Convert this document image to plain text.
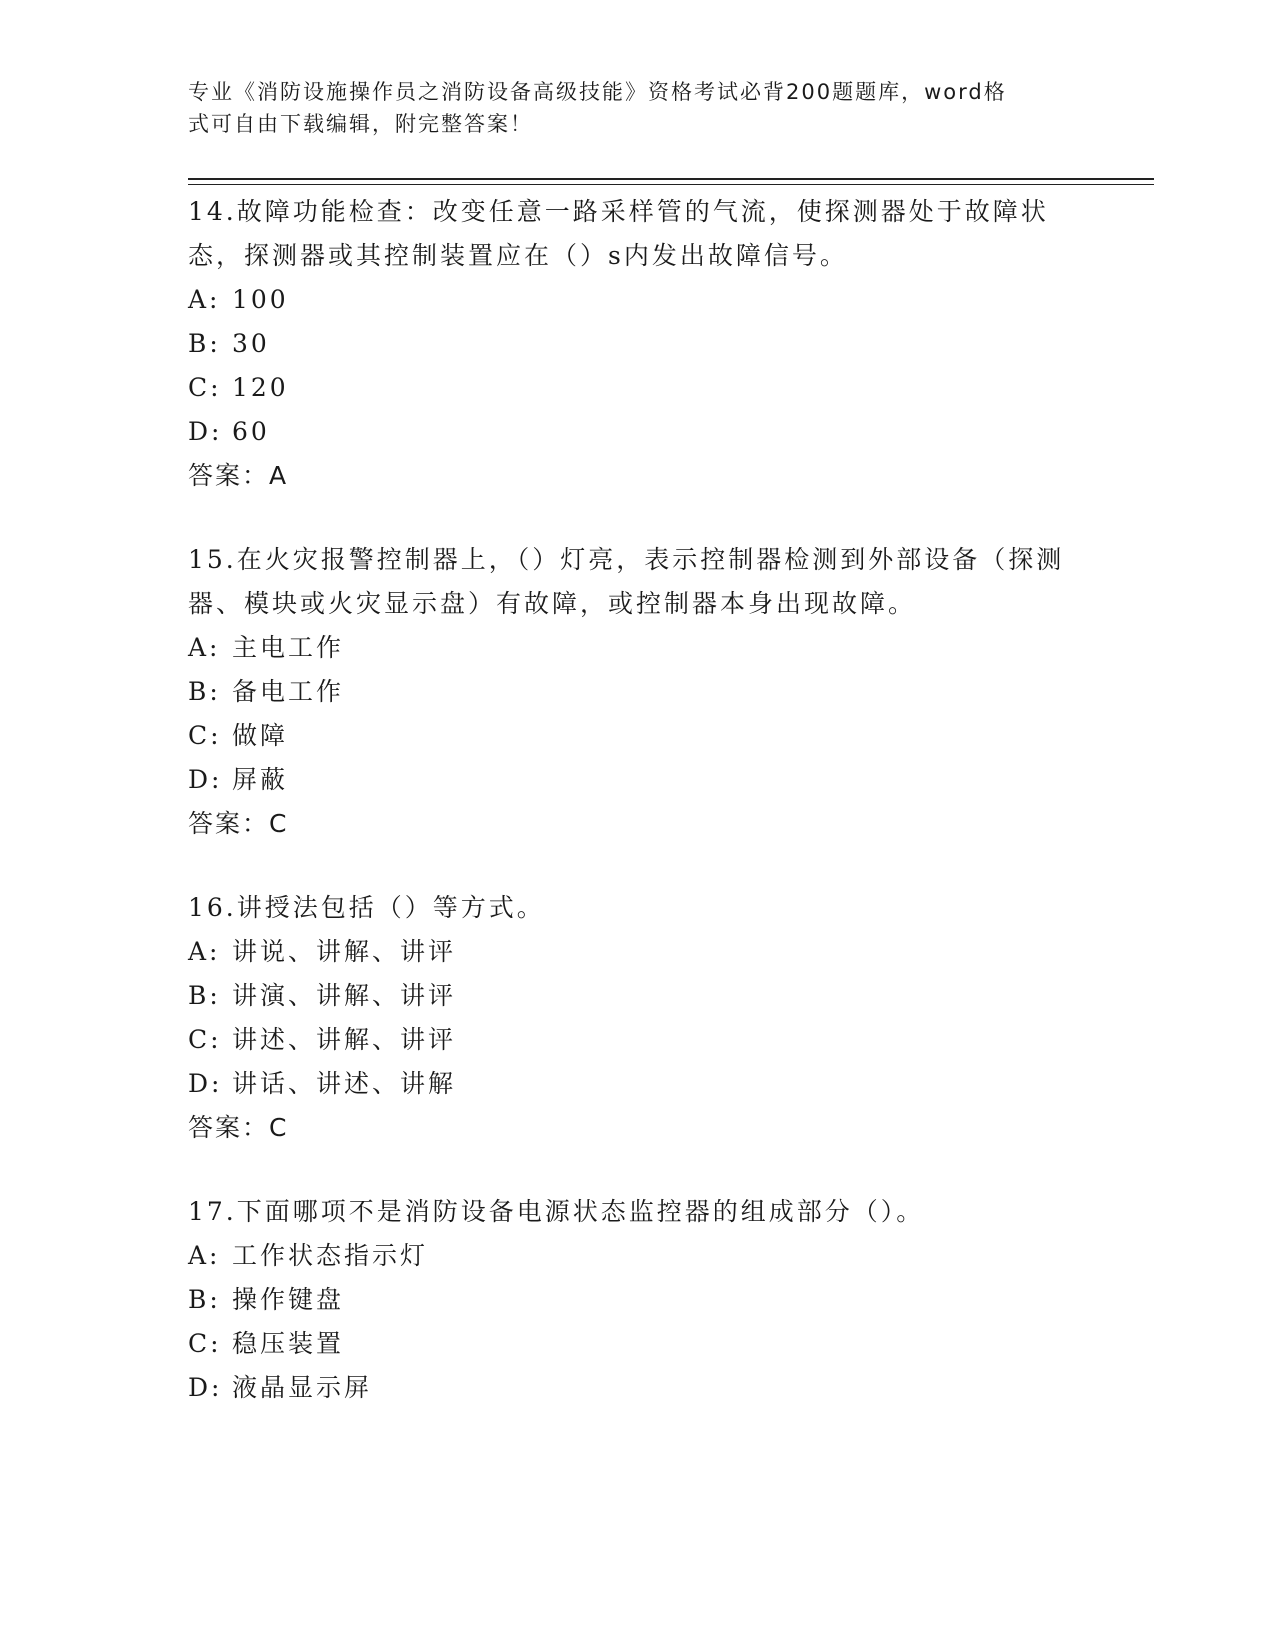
专业《消防设施操作员之消防设备高级技能》资格考试必背200题题库，word格
式可自由下载编辑，附完整答案！

14.故障功能检查：改变任意一路采样管的气流，使探测器处于故障状态，探测器或其控制装置应在（）s内发出故障信号。

A: 100

B: 30

C: 120

D: 60

答案：A

15.在火灾报警控制器上，（）灯亮，表示控制器检测到外部设备（探测器、模块或火灾显示盘）有故障，或控制器本身出现故障。

A: 主电工作

B: 备电工作

C: 做障

D: 屏蔽

答案：C

16.讲授法包括（）等方式。

A: 讲说、讲解、讲评

B: 讲演、讲解、讲评

C: 讲述、讲解、讲评

D: 讲话、讲述、讲解

答案：C

17.下面哪项不是消防设备电源状态监控器的组成部分（）。

A: 工作状态指示灯

B: 操作键盘

C: 稳压装置

D: 液晶显示屏
